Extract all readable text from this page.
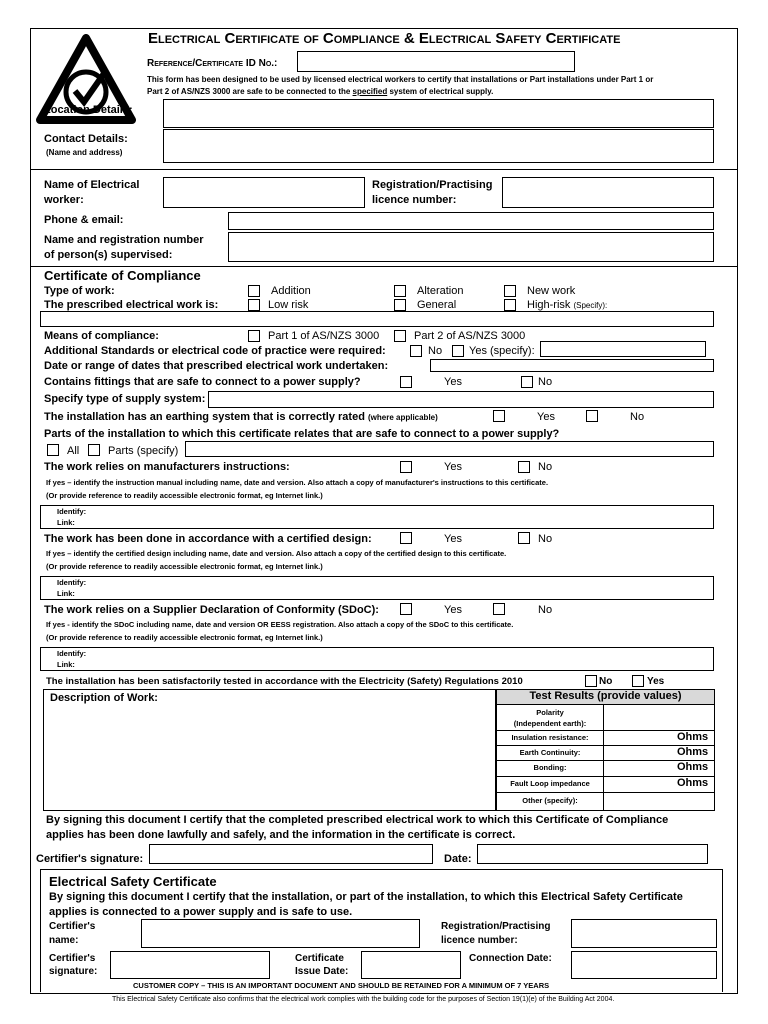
Electrical Certificate of Compliance & Electrical Safety Certificate
Reference/Certificate ID No.:
This form has been designed to be used by licensed electrical workers to certify that installations or Part installations under Part 1 or
Part 2 of AS/NZS 3000 are safe to be connected to the specified system of electrical supply.
Location Details:
Contact Details:
(Name and address)
Name of Electrical
worker:
Registration/Practising
licence number:
Phone & email:
Name and registration number
of person(s) supervised:
Certificate of Compliance
Type of work:	Addition	Alteration	New work
The prescribed electrical work is:	Low risk	General	High-risk (Specify):
Means of compliance:	Part 1 of AS/NZS 3000	Part 2 of AS/NZS 3000
Additional Standards or electrical code of practice were required:	No Yes (specify):
Date or range of dates that prescribed electrical work undertaken:
Contains fittings that are safe to connect to a power supply?	Yes	No
Specify type of supply system:
The installation has an earthing system that is correctly rated (where applicable)	Yes	No
Parts of the installation to which this certificate relates that are safe to connect to a power supply?
All	Parts (specify)
The work relies on manufacturers instructions:	Yes	No
If yes – identify the instruction manual including name, date and version. Also attach a copy of manufacturer's instructions to this certificate.
(Or provide reference to readily accessible electronic format, eg Internet link.)
Identify:
Link:
The work has been done in accordance with a certified design:	Yes	No
If yes – identify the certified design including name, date and version. Also attach a copy of the certified design to this certificate.
(Or provide reference to readily accessible electronic format, eg Internet link.)
Identify:
Link:
The work relies on a Supplier Declaration of Conformity (SDoC):	Yes	No
If yes - identify the SDoC including name, date and version OR EESS registration. Also attach a copy of the SDoC to this certificate.
(Or provide reference to readily accessible electronic format, eg Internet link.)
Identify:
Link:
The installation has been satisfactorily tested in accordance with the Electricity (Safety) Regulations 2010	No	Yes
Description of Work:	Test Results (provide values)
Polarity
(Independent earth):
Insulation resistance:	Ohms
Earth Continuity:	Ohms
Bonding:	Ohms
Fault Loop impedance	Ohms
Other (specify):
By signing this document I certify that the completed prescribed electrical work to which this Certificate of Compliance
applies has been done lawfully and safely, and the information in the certificate is correct.
Certifier's signature:	Date:
Electrical Safety Certificate
By signing this document I certify that the installation, or part of the installation, to which this Electrical Safety Certificate
applies is connected to a power supply and is safe to use.
Certifier's
name:
Registration/Practising
licence number:
Certifier's
signature:
Certificate
Issue Date:
Connection Date:
CUSTOMER COPY – THIS IS AN IMPORTANT DOCUMENT AND SHOULD BE RETAINED FOR A MINIMUM OF 7 YEARS
This Electrical Safety Certificate also confirms that the electrical work complies with the building code for the purposes of Section 19(1)(e) of the Building Act 2004.
